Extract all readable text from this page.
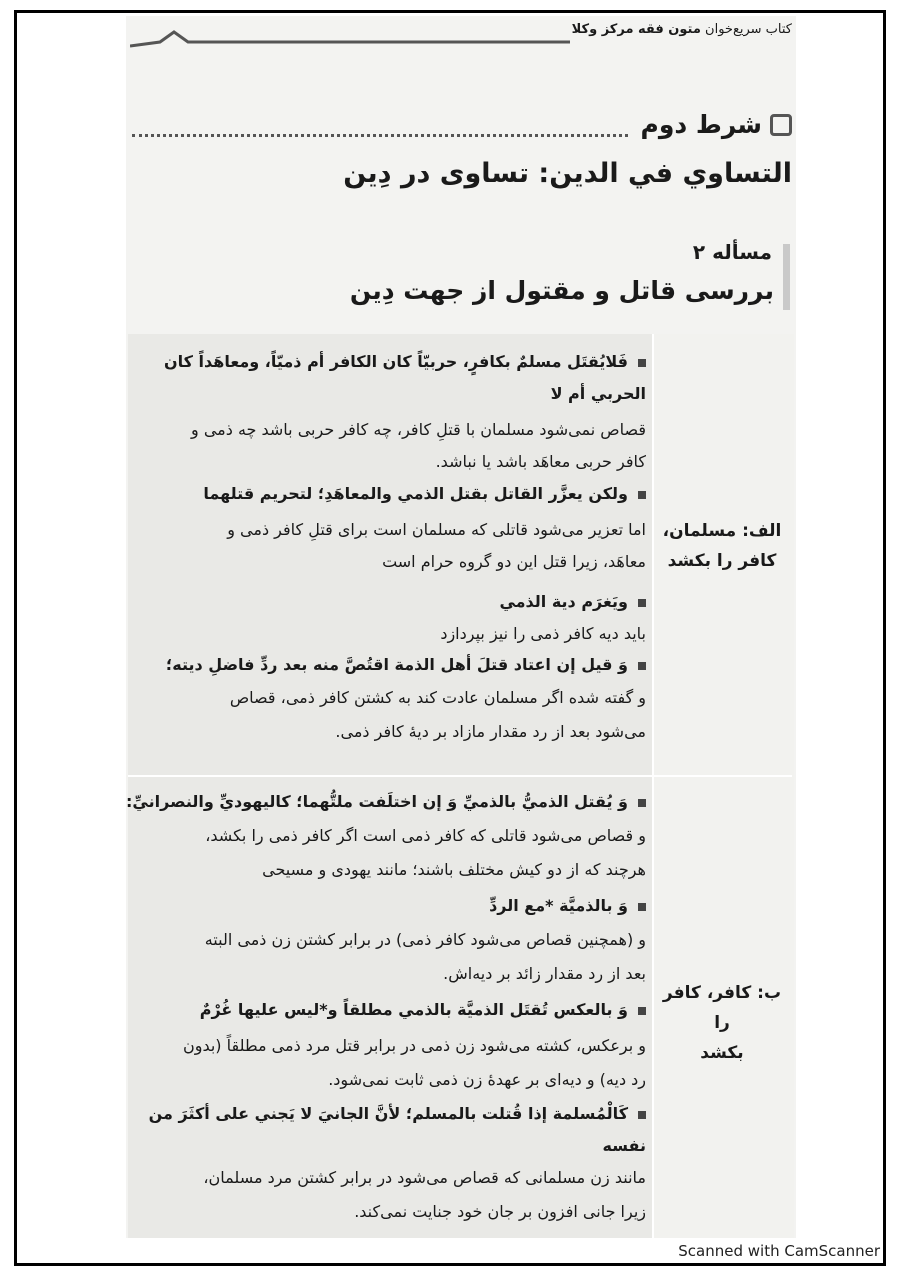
کتاب سریع‌خوان متون فقه مرکز وکلا
شرط دوم
التساوي في الدين: تساوی در دِین
مسأله ۲
بررسی قاتل و مقتول از جهت دِین
الف: مسلمان،
کافر را بکشد
ب: کافر، کافر را
بکشد
فَلايُقتَل مسلمٌ بكافرٍ، حربيّاً كان الكافر أم ذميّاً، ومعاهَداً كان
الحربي أم لا
قصاص نمی‌شود مسلمان با قتلِ کافر، چه کافر حربی باشد چه ذمی و
کافر حربی معاهَد باشد یا نباشد.
ولكن يعزَّر القاتل بقتل الذمي والمعاهَدِ؛ لتحريم قتلهما
اما تعزیر می‌شود قاتلی که مسلمان است برای قتلِ کافر ذمی و
معاهَد، زیرا قتل این دو گروه حرام است
ويَغرَم دية الذمي
باید دیه کافر ذمی را نیز بپردازد
وَ قيل إن اعتاد قتلَ أهل الذمة اقتُصَّ منه بعد ردِّ فاضلِ ديته؛
و گفته شده اگر مسلمان عادت کند به کشتن کافر ذمی، قصاص
می‌شود بعد از رد مقدار مازاد بر دیهٔ کافر ذمی.
وَ يُقتل الذميُّ بالذميِّ وَ إن اختلَفت ملتُّهما؛ كاليهوديِّ والنصرانيِّ:
و قصاص می‌شود قاتلی که کافر ذمی است اگر کافر ذمی را بکشد،
هرچند که از دو کیش مختلف باشند؛ مانند یهودی و مسیحی
وَ بالذميَّة *مع الردِّ
و (همچنین قصاص می‌شود کافر ذمی) در برابر کشتن زن ذمی البته
بعد از رد مقدار زائد بر دیه‌اش.
وَ بالعكس تُقتَل الذميَّة بالذمي مطلقاً و*ليس عليها غُرْمٌ
و برعکس، کشته می‌شود زن ذمی در برابر قتل مرد ذمی مطلقاً (بدون
رد دیه) و دیه‌ای بر عهدهٔ زن ذمی ثابت نمی‌شود.
كَالْمُسلمة إذا قُتلت بالمسلم؛ لأنَّ الجانيَ لا يَجني على أكثَرَ من
نفسه
مانند زن مسلمانی که قصاص می‌شود در برابر کشتن مرد مسلمان،
زیرا جانی افزون بر جان خود جنایت نمی‌کند.
Scanned with CamScanner
